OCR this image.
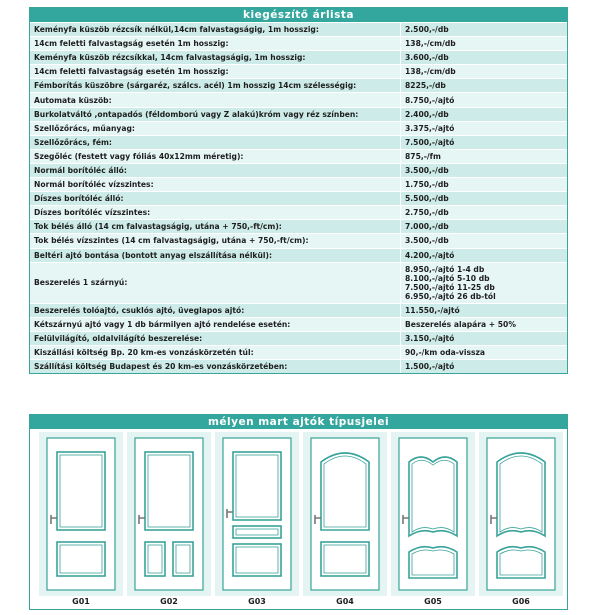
kiegészítő árlista
Keményfa küszöb rézcsík nélkül,14cm falvastagságig, 1m hosszig:	2.500,-/db
14cm feletti falvastagság esetén 1m hosszig:	138,-/cm/db
Keményfa küszöb rézcsíkkal, 14cm falvastagságig, 1m hosszig:	3.600,-/db
14cm feletti falvastagság esetén 1m hosszig:	138,-/cm/db
Fémborítás küszöbre (sárgaréz, szálcs. acél) 1m hosszig 14cm szélességig:	8225,-/db
Automata küszöb:	8.750,-/ajtó
Burkolatváltó ,ontapadós (féldomború vagy Z alakú)króm vagy réz színben:	2.400,-/db
Szellőzőrács, műanyag:	3.375,-/ajtó
Szellőzőrács, fém:	7.500,-/ajtó
Szegőléc (festett vagy fóliás 40x12mm méretig):	875,-/fm
Normál borítóléc álló:	3.500,-/db
Normál borítóléc vízszintes:	1.750,-/db
Díszes borítóléc álló:	5.500,-/db
Díszes borítóléc vízszintes:	2.750,-/db
Tok bélés álló (14 cm falvastagságig, utána + 750,-ft/cm):	7.000,-/db
Tok bélés vízszintes (14 cm falvastagságig, utána + 750,-ft/cm):	3.500,-/db
Beltéri ajtó bontása (bontott anyag elszállítása nélkül):	4.200,-/ajtó
Beszerelés 1 szárnyú:	8.950,-/ajtó 1-4 db
8.100,-/ajtó 5-10 db
7.500,-/ajtó 11-25 db
6.950,-/ajtó 26 db-tól

Beszerelés tolóajtó, csuklós ajtó, üveglapos ajtó:	11.550,-/ajtó
Kétszárnyú ajtó vagy 1 db bármilyen ajtó rendelése esetén:	Beszerelés alapára + 50%
Felülvilágító, oldalvilágító beszerelése:	3.150,-/ajtó
Kiszállási költség Bp. 20 km-es vonzáskörzetén túl:	90,-/km oda-vissza
Szállítási költség Budapest és 20 km-es vonzáskörzetében:	1.500,-/ajtó
mélyen mart ajtók típusjelei
G01	G02	G03	G04	G05	G06
